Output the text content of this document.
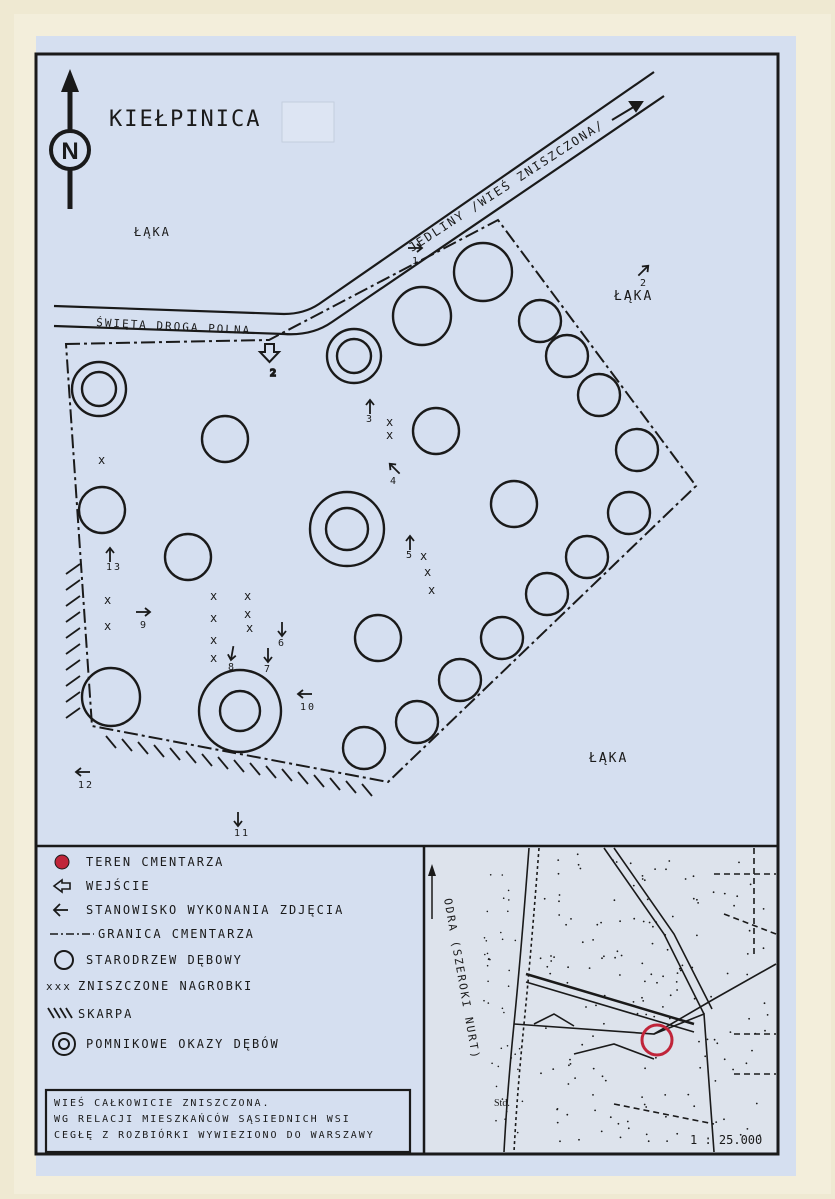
N
KIEŁPINICA	JEDLINY /WIEŚ ZNISZCZONA/
ŚWIĘTA DROGA POLNA
ŁĄKA
ŁĄKA
ŁĄKA
x
x
x
x
x
x
x
x
x x
x x
x
x
x
1
2
3
4
5
6
7
8
9
10
11
12
13
2
TEREN CMENTARZA
WEJŚCIE
STANOWISKO WYKONANIA ZDJĘCIA
GRANICA CMENTARZA
STARODRZEW DĘBOWY
xxx ZNISZCZONE NAGROBKI
SKARPA
POMNIKOWE OKAZY DĘBÓW
WIEŚ CAŁKOWICIE ZNISZCZONA.
WG RELACJI MIESZKAŃCÓW SĄSIEDNICH WSI
CEGŁĘ Z ROZBIÓRKI WYWIEZIONO DO WARSZAWY
ODRA (SZEROKI NURT)
Std.
1 : 25.000
